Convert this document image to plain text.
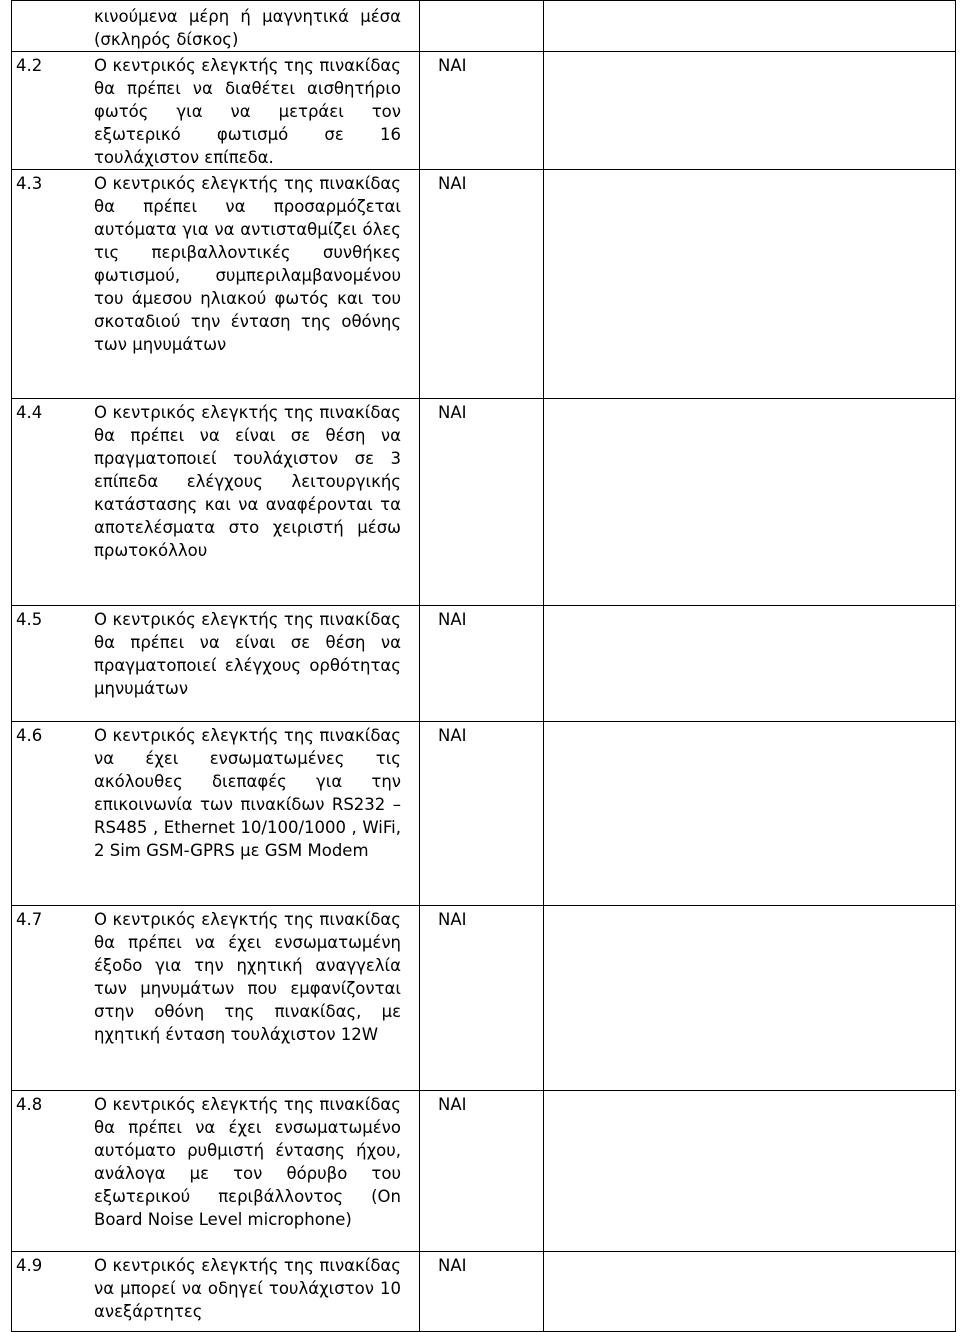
κινούμενα μέρη ή μαγνητικά μέσα (σκληρός δίσκος)		

4.2 Ο κεντρικός ελεγκτής της πινακίδας θα πρέπει να διαθέτει αισθητήριο φωτός για να μετράει τον εξωτερικό φωτισμό σε 16 τουλάχιστον επίπεδα.	ΝΑΙ	

4.3 Ο κεντρικός ελεγκτής της πινακίδας θα πρέπει να προσαρμόζεται αυτόματα για να αντισταθμίζει όλες τις περιβαλλοντικές συνθήκες φωτισμού, συμπεριλαμβανομένου του άμεσου ηλιακού φωτός και του σκοταδιού την ένταση της οθόνης των μηνυμάτων	ΝΑΙ	

4.4 Ο κεντρικός ελεγκτής της πινακίδας θα πρέπει να είναι σε θέση να πραγματοποιεί τουλάχιστον σε 3 επίπεδα ελέγχους λειτουργικής κατάστασης και να αναφέρονται τα αποτελέσματα στο χειριστή μέσω πρωτοκόλλου	ΝΑΙ	

4.5 Ο κεντρικός ελεγκτής της πινακίδας θα πρέπει να είναι σε θέση να πραγματοποιεί ελέγχους ορθότητας μηνυμάτων	ΝΑΙ	

4.6 Ο κεντρικός ελεγκτής της πινακίδας να έχει ενσωματωμένες τις ακόλουθες διεπαφές για την επικοινωνία των πινακίδων RS232 – RS485 , Ethernet 10/100/1000 , WiFi, 2 Sim GSM-GPRS με GSM Modem	ΝΑΙ	

4.7 Ο κεντρικός ελεγκτής της πινακίδας θα πρέπει να έχει ενσωματωμένη έξοδο για την ηχητική αναγγελία των μηνυμάτων που εμφανίζονται στην οθόνη της πινακίδας, με ηχητική ένταση τουλάχιστον 12W	ΝΑΙ	

4.8 Ο κεντρικός ελεγκτής της πινακίδας θα πρέπει να έχει ενσωματωμένο αυτόματο ρυθμιστή έντασης ήχου, ανάλογα με τον θόρυβο του εξωτερικού περιβάλλοντος (On Board Noise Level microphone)	ΝΑΙ	

4.9 Ο κεντρικός ελεγκτής της πινακίδας να μπορεί να οδηγεί τουλάχιστον 10 ανεξάρτητες	ΝΑΙ	
